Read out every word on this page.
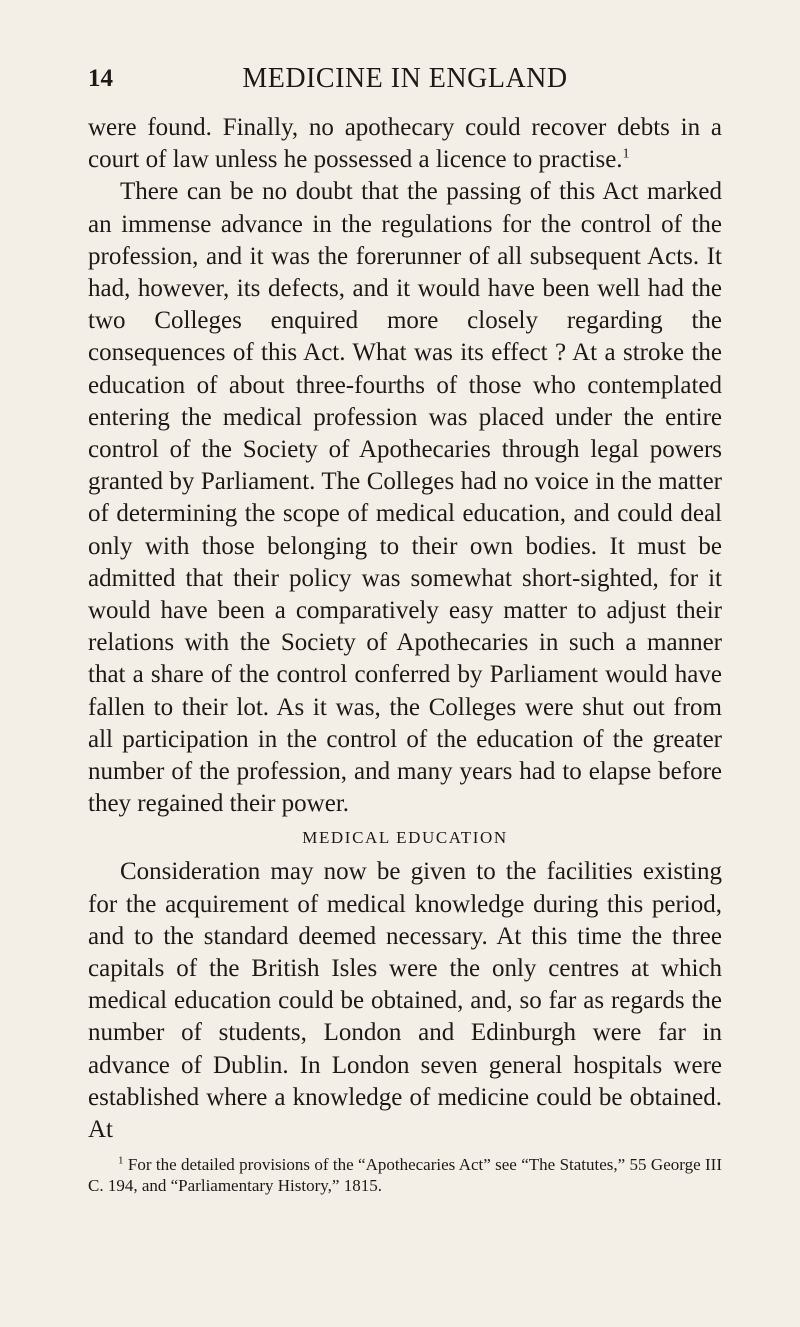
14	MEDICINE IN ENGLAND

were found. Finally, no apothecary could recover debts in a court of law unless he possessed a licence to practise.$^1$

There can be no doubt that the passing of this Act marked an immense advance in the regulations for the control of the profession, and it was the forerunner of all subsequent Acts. It had, however, its defects, and it would have been well had the two Colleges enquired more closely regarding the consequences of this Act. What was its effect ? At a stroke the education of about three-fourths of those who contemplated entering the medical profession was placed under the entire control of the Society of Apothecaries through legal powers granted by Parliament. The Colleges had no voice in the matter of determining the scope of medical education, and could deal only with those belonging to their own bodies. It must be admitted that their policy was somewhat short-sighted, for it would have been a comparatively easy matter to adjust their relations with the Society of Apothecaries in such a manner that a share of the control conferred by Parliament would have fallen to their lot. As it was, the Colleges were shut out from all participation in the control of the education of the greater number of the profession, and many years had to elapse before they regained their power.

MEDICAL EDUCATION

Consideration may now be given to the facilities existing for the acquirement of medical knowledge during this period, and to the standard deemed necessary. At this time the three capitals of the British Isles were the only centres at which medical education could be obtained, and, so far as regards the number of students, London and Edinburgh were far in advance of Dublin. In London seven general hospitals were established where a knowledge of medicine could be obtained. At

$^1$ For the detailed provisions of the “Apothecaries Act” see “The Statutes,” 55 George III C. 194, and “Parliamentary History,” 1815.
